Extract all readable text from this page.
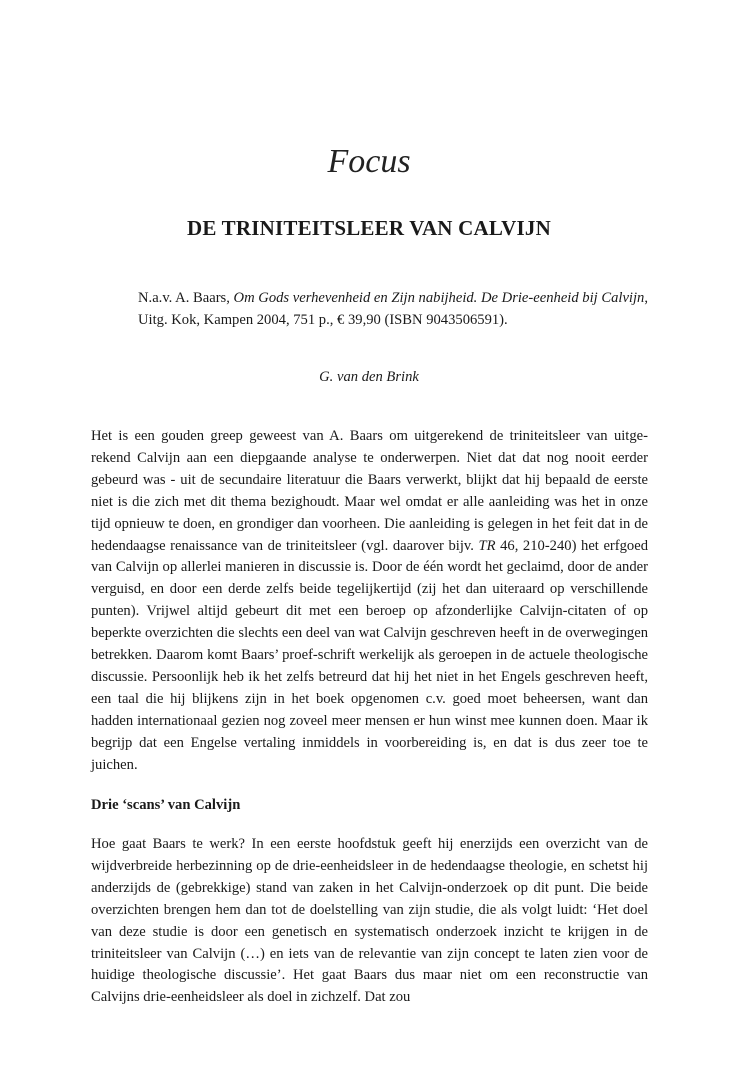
Focus
DE TRINITEITSLEER VAN CALVIJN
N.a.v. A. Baars, Om Gods verhevenheid en Zijn nabijheid. De Drie-eenheid bij Calvijn, Uitg. Kok, Kampen 2004, 751 p., € 39,90 (ISBN 9043506591).
G. van den Brink
Het is een gouden greep geweest van A. Baars om uitgerekend de triniteitsleer van uitge-rekend Calvijn aan een diepgaande analyse te onderwerpen. Niet dat dat nog nooit eerder gebeurd was - uit de secundaire literatuur die Baars verwerkt, blijkt dat hij bepaald de eerste niet is die zich met dit thema bezighoudt. Maar wel omdat er alle aanleiding was het in onze tijd opnieuw te doen, en grondiger dan voorheen. Die aanleiding is gelegen in het feit dat in de hedendaagse renaissance van de triniteitsleer (vgl. daarover bijv. TR 46, 210-240) het erfgoed van Calvijn op allerlei manieren in discussie is. Door de één wordt het geclaimd, door de ander verguisd, en door een derde zelfs beide tegelijkertijd (zij het dan uiteraard op verschillende punten). Vrijwel altijd gebeurt dit met een beroep op afzonderlijke Calvijn-citaten of op beperkte overzichten die slechts een deel van wat Calvijn geschreven heeft in de overwegingen betrekken. Daarom komt Baars’ proef-schrift werkelijk als geroepen in de actuele theologische discussie. Persoonlijk heb ik het zelfs betreurd dat hij het niet in het Engels geschreven heeft, een taal die hij blijkens zijn in het boek opgenomen c.v. goed moet beheersen, want dan hadden internationaal gezien nog zoveel meer mensen er hun winst mee kunnen doen. Maar ik begrijp dat een Engelse vertaling inmiddels in voorbereiding is, en dat is dus zeer toe te juichen.
Drie ‘scans’ van Calvijn
Hoe gaat Baars te werk? In een eerste hoofdstuk geeft hij enerzijds een overzicht van de wijdverbreide herbezinning op de drie-eenheidsleer in de hedendaagse theologie, en schetst hij anderzijds de (gebrekkige) stand van zaken in het Calvijn-onderzoek op dit punt. Die beide overzichten brengen hem dan tot de doelstelling van zijn studie, die als volgt luidt: ‘Het doel van deze studie is door een genetisch en systematisch onderzoek inzicht te krijgen in de triniteitsleer van Calvijn (…) en iets van de relevantie van zijn concept te laten zien voor de huidige theologische discussie’. Het gaat Baars dus maar niet om een reconstructie van Calvijns drie-eenheidsleer als doel in zichzelf. Dat zou
